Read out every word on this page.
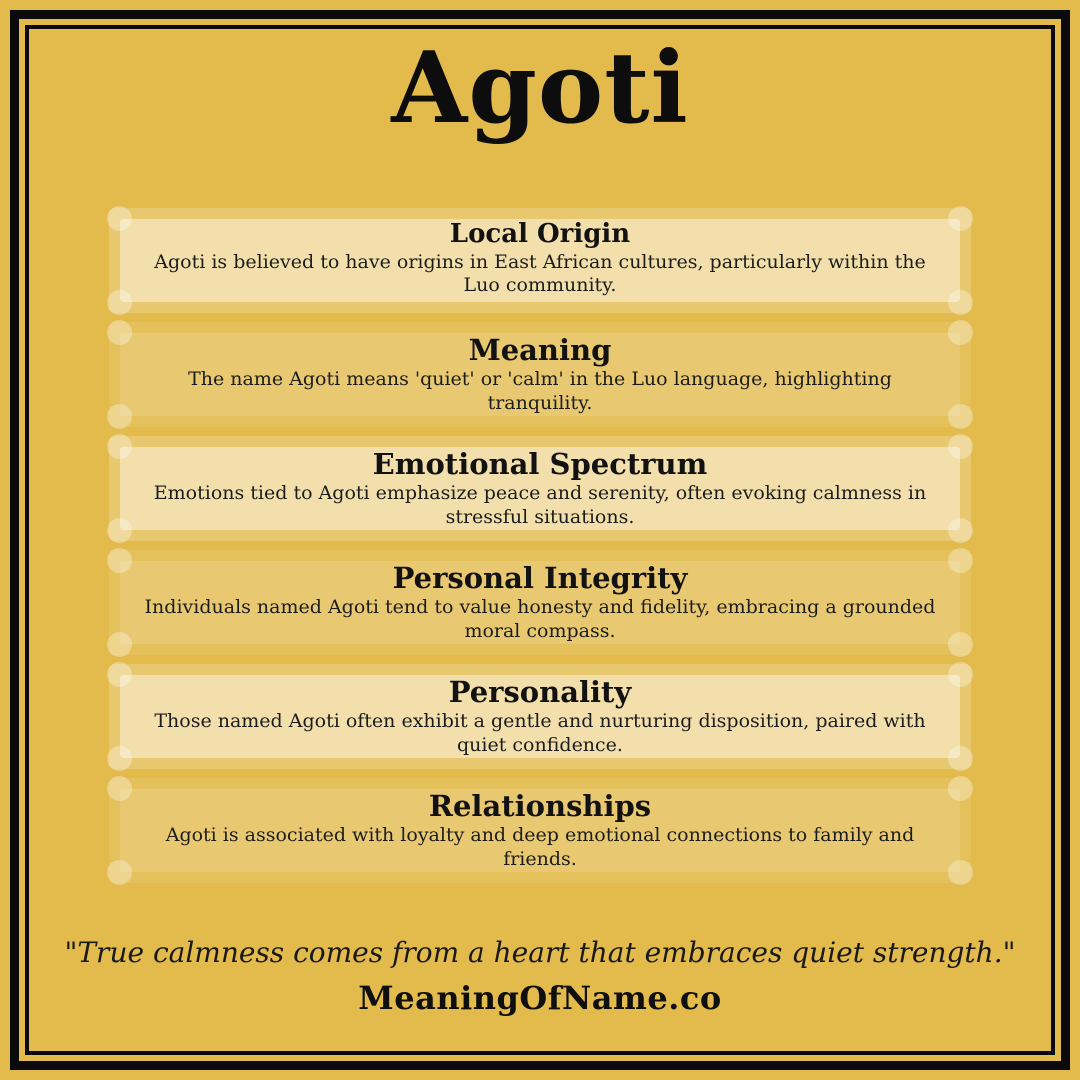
Agoti
Local Origin

Agoti is believed to have origins in East African cultures, particularly within the Luo community.

Meaning

The name Agoti means 'quiet' or 'calm' in the Luo language, highlighting tranquility.

Emotional Spectrum

Emotions tied to Agoti emphasize peace and serenity, often evoking calmness in stressful situations.

Personal Integrity

Individuals named Agoti tend to value honesty and fidelity, embracing a grounded moral compass.

Personality

Those named Agoti often exhibit a gentle and nurturing disposition, paired with quiet confidence.

Relationships

Agoti is associated with loyalty and deep emotional connections to family and friends.

"True calmness comes from a heart that embraces quiet strength."
MeaningOfName.co
